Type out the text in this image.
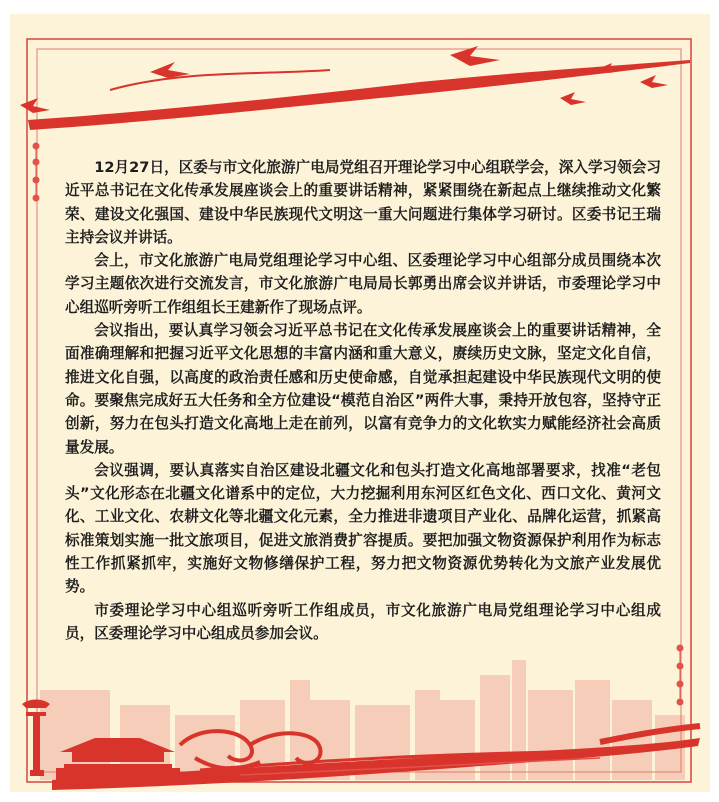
12月27日，区委与市文化旅游广电局党组召开理论学习中心组联学会，深入学习领会习近平总书记在文化传承发展座谈会上的重要讲话精神，紧紧围绕在新起点上继续推动文化繁荣、建设文化强国、建设中华民族现代文明这一重大问题进行集体学习研讨。区委书记王瑞主持会议并讲话。

会上，市文化旅游广电局党组理论学习中心组、区委理论学习中心组部分成员围绕本次学习主题依次进行交流发言，市文化旅游广电局局长郭勇出席会议并讲话，市委理论学习中心组巡听旁听工作组组长王建新作了现场点评。

会议指出，要认真学习领会习近平总书记在文化传承发展座谈会上的重要讲话精神，全面准确理解和把握习近平文化思想的丰富内涵和重大意义，赓续历史文脉，坚定文化自信，推进文化自强，以高度的政治责任感和历史使命感，自觉承担起建设中华民族现代文明的使命。要聚焦完成好五大任务和全方位建设“模范自治区”两件大事，秉持开放包容，坚持守正创新，努力在包头打造文化高地上走在前列，以富有竞争力的文化软实力赋能经济社会高质量发展。

会议强调，要认真落实自治区建设北疆文化和包头打造文化高地部署要求，找准“老包头”文化形态在北疆文化谱系中的定位，大力挖掘利用东河区红色文化、西口文化、黄河文化、工业文化、农耕文化等北疆文化元素，全力推进非遗项目产业化、品牌化运营，抓紧高标准策划实施一批文旅项目，促进文旅消费扩容提质。要把加强文物资源保护利用作为标志性工作抓紧抓牢，实施好文物修缮保护工程，努力把文物资源优势转化为文旅产业发展优势。

市委理论学习中心组巡听旁听工作组成员，市文化旅游广电局党组理论学习中心组成员，区委理论学习中心组成员参加会议。
